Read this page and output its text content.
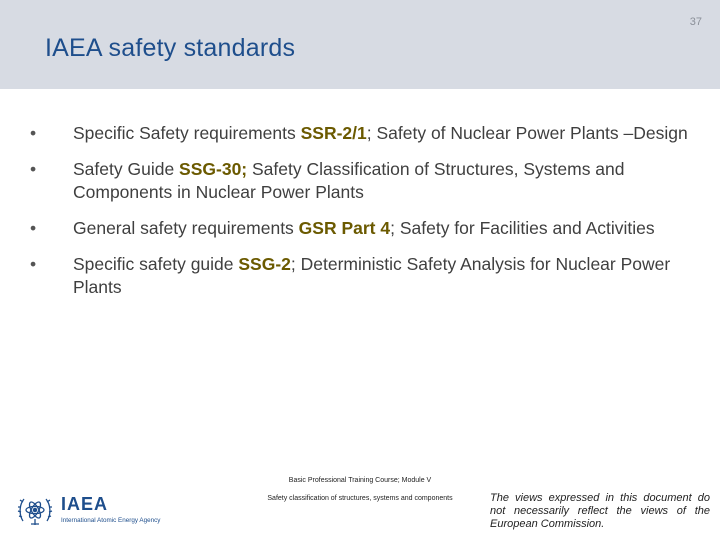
37
IAEA safety standards
•	Specific Safety requirements SSR-2/1; Safety of Nuclear Power Plants –Design
•	Safety Guide SSG-30; Safety Classification of Structures, Systems and Components in Nuclear Power Plants
•	General safety requirements GSR Part 4; Safety for Facilities and Activities
•	Specific safety guide SSG-2; Deterministic Safety Analysis for Nuclear Power Plants
IAEA
International Atomic Energy Agency
Basic Professional Training Course; Module V
Safety classification of structures, systems and components	The views expressed in this document do not necessarily reflect the views of the European Commission.
